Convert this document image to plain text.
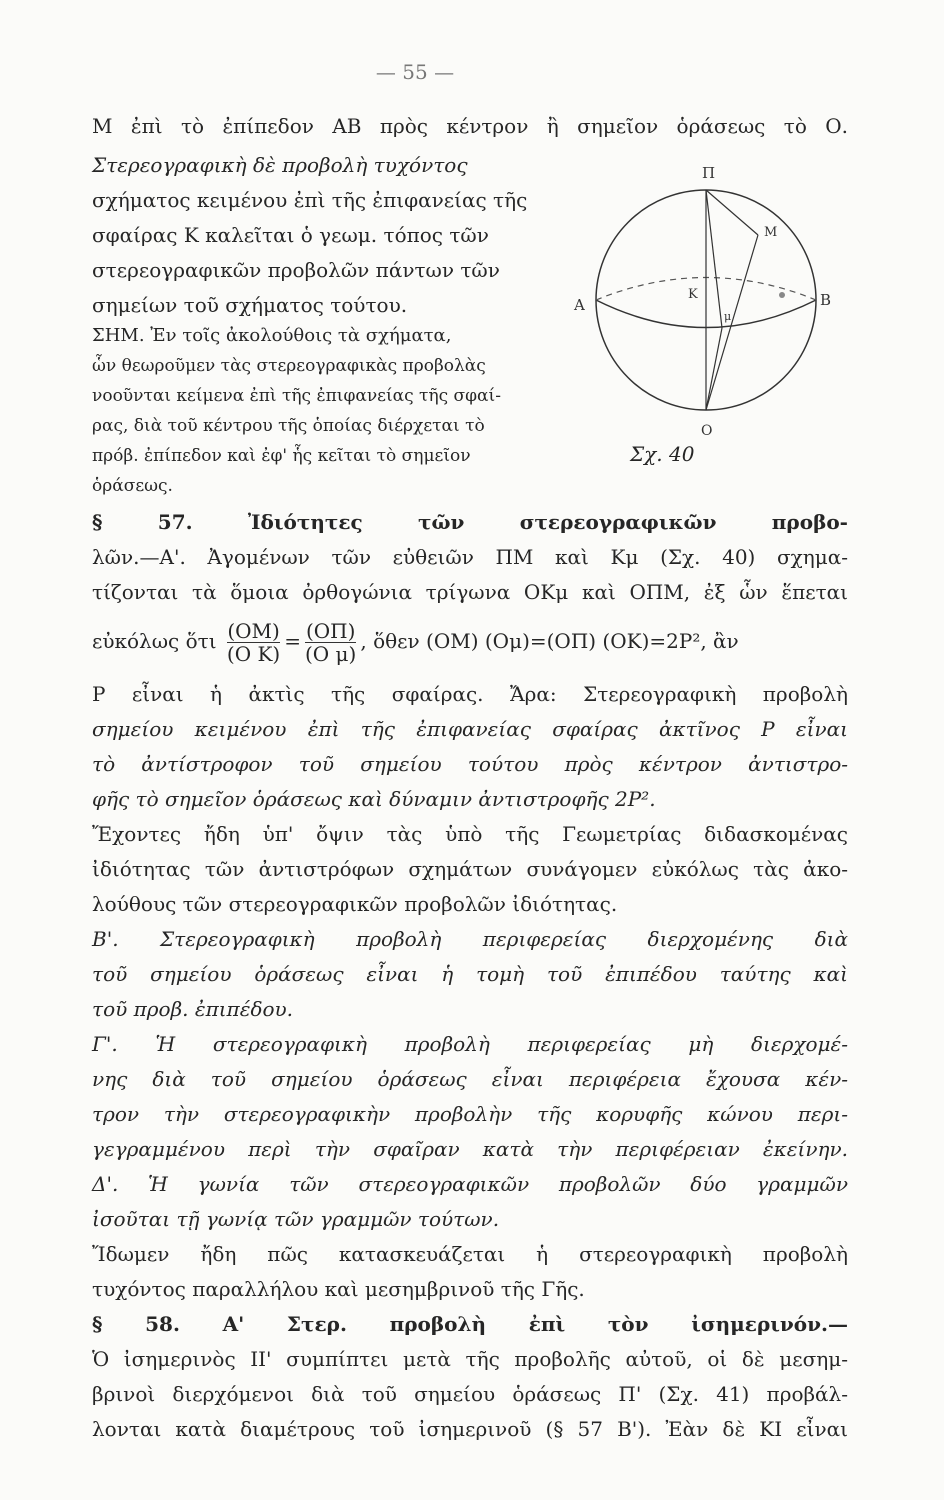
— 55 —
Π
Α	Β
Κ
Μ
μ
Ο
Σχ. 40
Μ ἐπὶ τὸ ἐπίπεδον ΑΒ πρὸς κέντρον ἢ σημεῖον ὁράσεως τὸ Ο.
Στερεογραφικὴ δὲ προβολὴ τυχόντος
σχήματος κειμένου ἐπὶ τῆς ἐπιφανείας τῆς
σφαίρας Κ καλεῖται ὁ γεωμ. τόπος τῶν
στερεογραφικῶν προβολῶν πάντων τῶν
σημείων τοῦ σχήματος τούτου.
ΣΗΜ. Ἐν τοῖς ἀκολούθοις τὰ σχήματα,
ὧν θεωροῦμεν τὰς στερεογραφικὰς προβολὰς
νοοῦνται κείμενα ἐπὶ τῆς ἐπιφανείας τῆς σφαί-
ρας, διὰ τοῦ κέντρου τῆς ὁποίας διέρχεται τὸ
πρόβ. ἐπίπεδον καὶ ἐφ' ἧς κεῖται τὸ σημεῖον
ὁράσεως.
§ 57. Ἰδιότητες τῶν στερεογραφικῶν προβο-
λῶν.—Α'. Ἀγομένων τῶν εὐθειῶν ΠΜ καὶ Κμ (Σχ. 40) σχημα-
τίζονται τὰ ὅμοια ὀρθογώνια τρίγωνα ΟΚμ καὶ ΟΠΜ, ἐξ ὧν ἕπεται
εὐκόλως ὅτι $\frac{(OM)}{\text{(Ο Κ)}} = \frac{(O\Pi)}{\text{(Ο μ)}}$ , ὅθεν (ΟΜ) (Ομ)=(ΟΠ) (ΟΚ)=2Ρ², ἂν
Ρ εἶναι ἡ ἀκτὶς τῆς σφαίρας. Ἄρα: Στερεογραφικὴ προβολὴ
σημείου κειμένου ἐπὶ τῆς ἐπιφανείας σφαίρας ἀκτῖνος Ρ εἶναι
τὸ ἀντίστροφον τοῦ σημείου τούτου πρὸς κέντρον ἀντιστρο-
φῆς τὸ σημεῖον ὁράσεως καὶ δύναμιν ἀντιστροφῆς 2Ρ².
Ἔχοντες ἤδη ὑπ' ὄψιν τὰς ὑπὸ τῆς Γεωμετρίας διδασκομένας
ἰδιότητας τῶν ἀντιστρόφων σχημάτων συνάγομεν εὐκόλως τὰς ἀκο-
λούθους τῶν στερεογραφικῶν προβολῶν ἰδιότητας.
Β'. Στερεογραφικὴ προβολὴ περιφερείας διερχομένης διὰ
τοῦ σημείου ὁράσεως εἶναι ἡ τομὴ τοῦ ἐπιπέδου ταύτης καὶ
τοῦ προβ. ἐπιπέδου.
Γ'. Ἡ στερεογραφικὴ προβολὴ περιφερείας μὴ διερχομέ-
νης διὰ τοῦ σημείου ὁράσεως εἶναι περιφέρεια ἔχουσα κέν-
τρον τὴν στερεογραφικὴν προβολὴν τῆς κορυφῆς κώνου περι-
γεγραμμένου περὶ τὴν σφαῖραν κατὰ τὴν περιφέρειαν ἐκείνην.
Δ'. Ἡ γωνία τῶν στερεογραφικῶν προβολῶν δύο γραμμῶν
ἰσοῦται τῇ γωνίᾳ τῶν γραμμῶν τούτων.
Ἴδωμεν ἤδη πῶς κατασκευάζεται ἡ στερεογραφικὴ προβολὴ
τυχόντος παραλλήλου καὶ μεσημβρινοῦ τῆς Γῆς.
§ 58. Α' Στερ. προβολὴ ἐπὶ τὸν ἰσημερινόν.—
Ὁ ἰσημερινὸς ΙΙ' συμπίπτει μετὰ τῆς προβολῆς αὐτοῦ, οἱ δὲ μεσημ-
βρινοὶ διερχόμενοι διὰ τοῦ σημείου ὁράσεως Π' (Σχ. 41) προβάλ-
λονται κατὰ διαμέτρους τοῦ ἰσημερινοῦ (§ 57 Β'). Ἐὰν δὲ ΚΙ εἶναι
